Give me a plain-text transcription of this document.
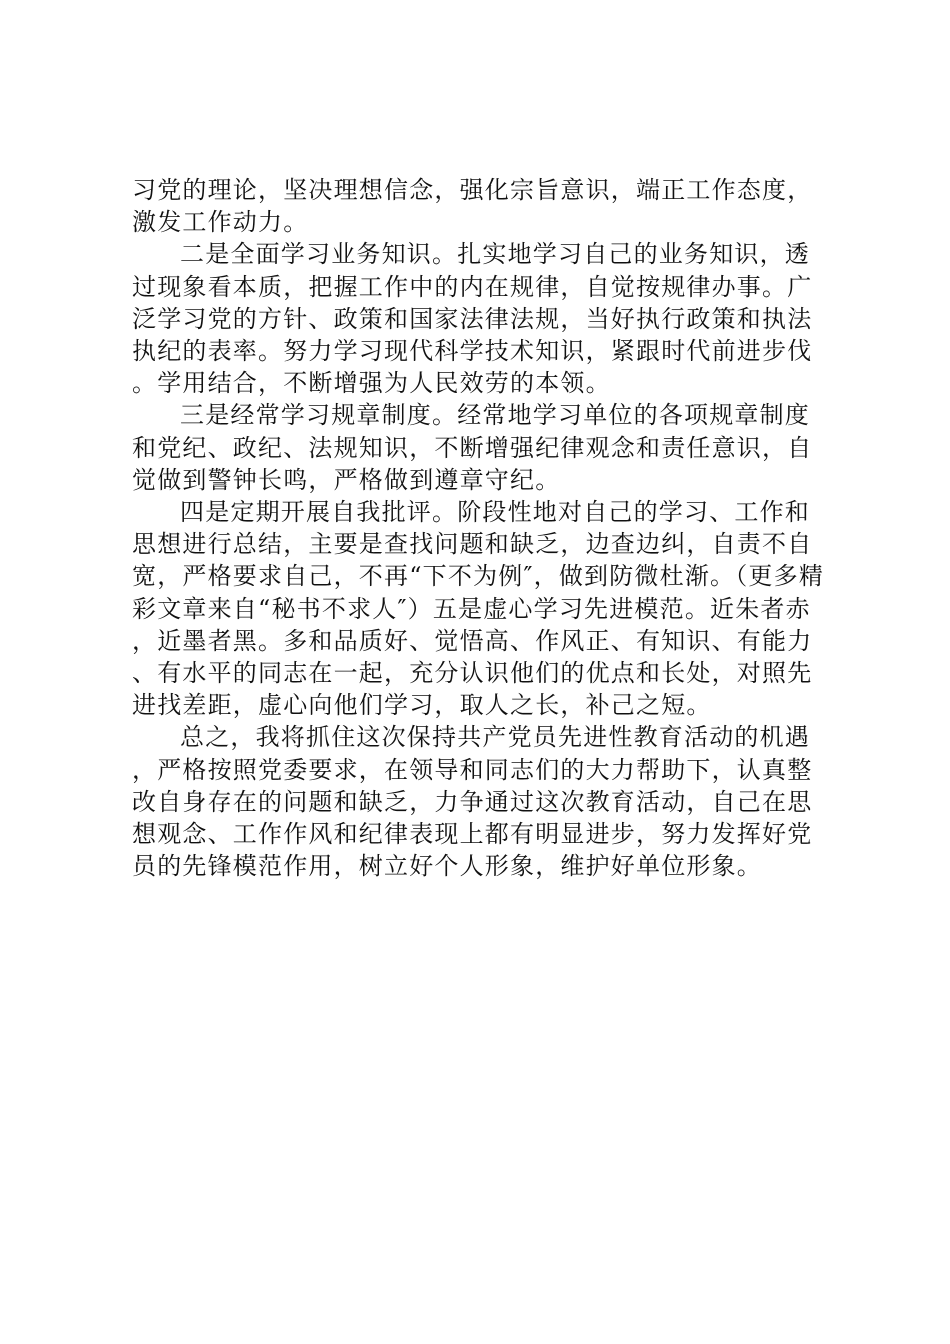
习党的理论，坚决理想信念，强化宗旨意识，端正工作态度，激发工作动力。

二是全面学习业务知识。扎实地学习自己的业务知识，透过现象看本质，把握工作中的内在规律，自觉按规律办事。广泛学习党的方针、政策和国家法律法规，当好执行政策和执法执纪的表率。努力学习现代科学技术知识，紧跟时代前进步伐。学用结合，不断增强为人民效劳的本领。

三是经常学习规章制度。经常地学习单位的各项规章制度和党纪、政纪、法规知识，不断增强纪律观念和责任意识，自觉做到警钟长鸣，严格做到遵章守纪。

四是定期开展自我批评。阶段性地对自己的学习、工作和思想进行总结，主要是查找问题和缺乏，边查边纠，自责不自宽，严格要求自己，不再“下不为例″，做到防微杜渐。（更多精彩文章来自“秘书不求人″）五是虚心学习先进模范。近朱者赤，近墨者黑。多和品质好、觉悟高、作风正、有知识、有能力、有水平的同志在一起，充分认识他们的优点和长处，对照先进找差距，虚心向他们学习，取人之长，补己之短。

总之，我将抓住这次保持共产党员先进性教育活动的机遇，严格按照党委要求，在领导和同志们的大力帮助下，认真整改自身存在的问题和缺乏，力争通过这次教育活动，自己在思想观念、工作作风和纪律表现上都有明显进步，努力发挥好党员的先锋模范作用，树立好个人形象，维护好单位形象。
